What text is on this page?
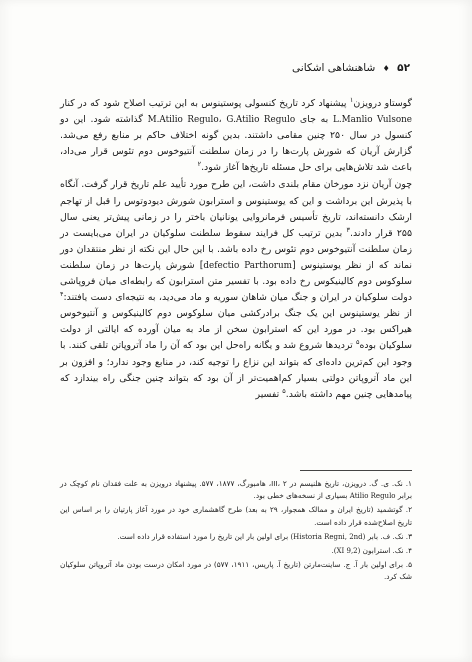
۵۲ ♦ شاهنشاهی اشکانی

گوستاو درویزن$^۱$ پیشنهاد کرد تاریخ کنسولی پوستینوس به این ترتیب اصلاح شود که در کنار L.Manlio Vulsone به جای M.Atilio Regulo، G.Atilio Regulo گذاشته شود. این دو کنسول در سال ۲۵۰ چنین مقامی داشتند. بدین گونه اختلاف حاکم بر منابع رفع می‌شد. گزارش آریان که شورش پارت‌ها را در زمان سلطنت آنتیوخوس دوم تئوس قرار می‌داد، باعث شد تلاش‌هایی برای حل مسئله تاریخ‌ها آغاز شود.$^۲$

چون آریان نزد مورخان مقام بلندی داشت، این طرح مورد تأیید علم تاریخ قرار گرفت. آنگاه با پذیرش این برداشت و این که یوستینوس و استرابون شورش دیودوتوس را قبل از تهاجم ارشک دانسته‌اند، تاریخ تأسیس فرمانروایی یونانیان باختر را در زمانی پیش‌تر یعنی سال ۲۵۵ قرار دادند.$^۳$ بدین ترتیب کل فرایند سقوط سلطنت سلوکیان در ایران می‌بایست در زمان سلطنت آنتیوخوس دوم تئوس رخ داده باشد. با این حال این نکته از نظر منتقدان دور نماند که از نظر یوستینوس [defectio Parthorum] شورش پارت‌ها در زمان سلطنت سلوکوس دوم کالینیکوس رخ داده بود. با تفسیر متن استرابون که رابطه‌ای میان فروپاشی دولت سلوکیان در ایران و جنگ میان شاهان سوریه و ماد می‌دید، به نتیجه‌ای دست یافتند:$^۴$ از نظر یوستینوس این یک جنگ برادرکشی میان سلوکوس دوم کالینیکوس و آنتیوخوس هیراکس بود. در مورد این که استرابون سخن از ماد به میان آورده که ایالتی از دولت سلوکیان بوده$^۵$ تردیدها شروع شد و یگانه راه‌حل این بود که آن را ماد آتروپاتن تلقی کنند. با وجود این کم‌ترین داده‌ای که بتواند این نزاع را توجیه کند، در منابع وجود ندارد؛ و افزون بر این ماد آتروپاتن دولتی بسیار کم‌اهمیت‌تر از آن بود که بتواند چنین جنگی راه بیندازد که پیامدهایی چنین مهم داشته باشد.$^۵$ تفسیر

۱. نک. ی. گ. درویزن، تاریخ هلنیسم در III، ۲، هامبورگ، ۱۸۷۷، ۵۷۷. پیشنهاد درویزن به علت فقدان نام کوچک در برابر Atilio Regulo بسیاری از نسخه‌های خطی بود.

۲. گوتشمید (تاریخ ایران و ممالک همجوار، ۲۹ به بعد) طرح گاهشماری خود در مورد آغاز پارتیان را بر اساس این تاریخ اصلاح‌شده قرار داده است.

۳. نک. ف. بابر (Historia Regni, 2nd) برای اولین بار این تاریخ را مورد استفاده قرار داده است.

۴. نک. استرابون (XI 9,2).

۵. برای اولین بار آ. ج. ساینت‌مارتن (تاریخ آ. پاریس، ۱۹۱۱، ۵۷۷) در مورد امکان درست بودن ماد آتروپاتن سلوکیان شک کرد.
